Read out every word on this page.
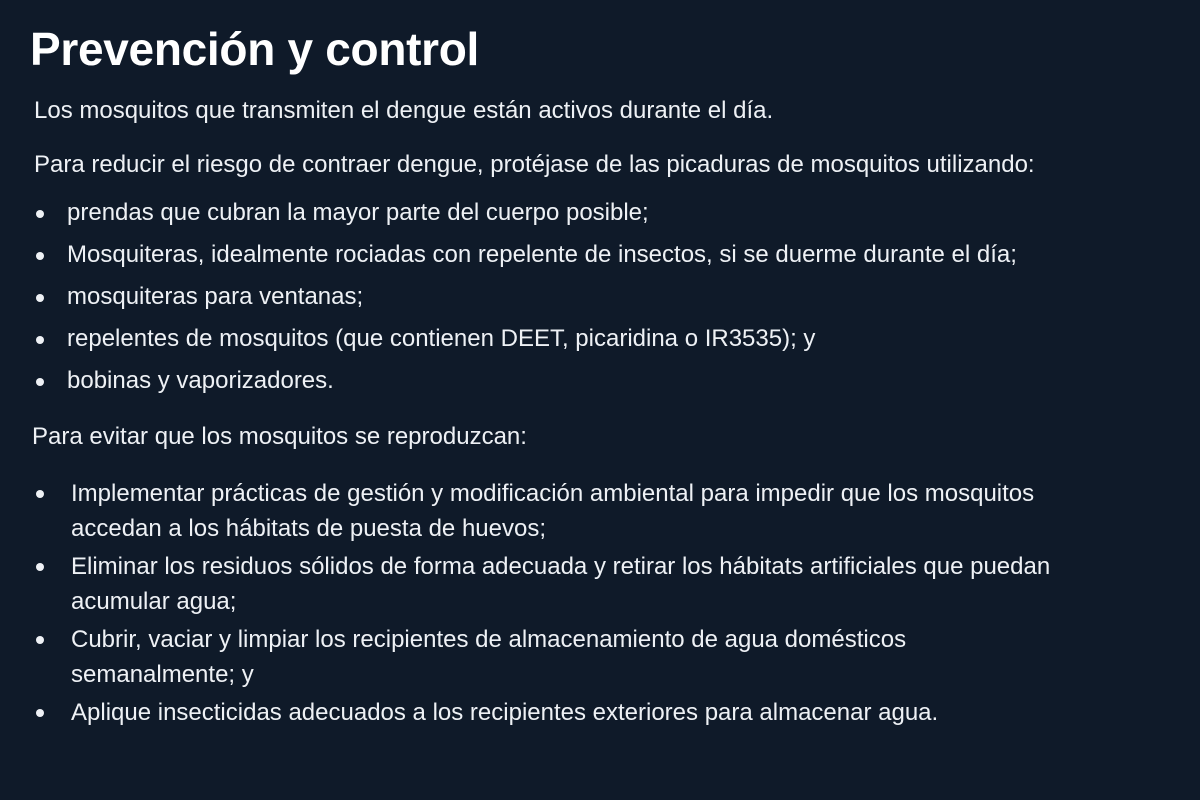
Prevención y control

Los mosquitos que transmiten el dengue están activos durante el día.

Para reducir el riesgo de contraer dengue, protéjase de las picaduras de mosquitos utilizando:

prendas que cubran la mayor parte del cuerpo posible;
Mosquiteras, idealmente rociadas con repelente de insectos, si se duerme durante el día;
mosquiteras para ventanas;
repelentes de mosquitos (que contienen DEET, picaridina o IR3535); y
bobinas y vaporizadores.

Para evitar que los mosquitos se reproduzcan:

Implementar prácticas de gestión y modificación ambiental para impedir que los mosquitos accedan a los hábitats de puesta de huevos;
Eliminar los residuos sólidos de forma adecuada y retirar los hábitats artificiales que puedan acumular agua;
Cubrir, vaciar y limpiar los recipientes de almacenamiento de agua domésticos semanalmente; y
Aplique insecticidas adecuados a los recipientes exteriores para almacenar agua.
